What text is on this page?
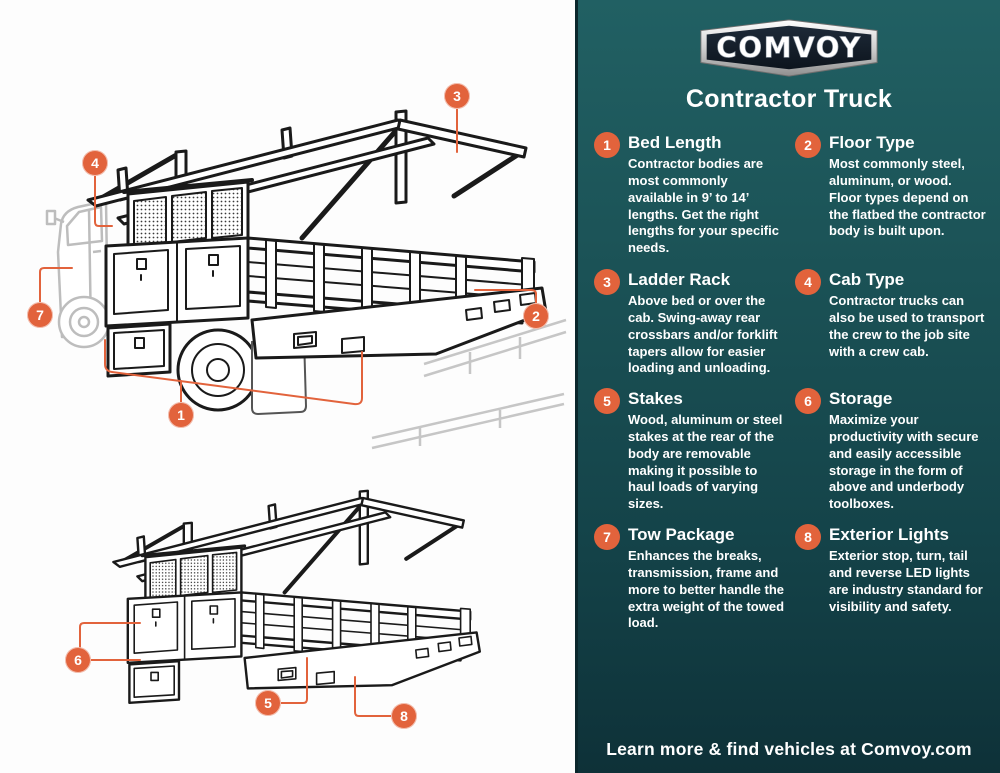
1
2
3
4
5
6
7
8
COMVOY
Contractor Truck
1 Bed Length

Contractor bodies are most commonly available in 9’ to 14’ lengths. Get the right lengths for your specific needs.

2 Floor Type

Most commonly steel, aluminum, or wood. Floor types depend on the flatbed the contractor body is built upon.

3 Ladder Rack

Above bed or over the cab. Swing-away rear crossbars and/or forklift tapers allow for easier loading and unloading.

4 Cab Type

Contractor trucks can also be used to transport the crew to the job site with a crew cab.

5 Stakes

Wood, aluminum or steel stakes at the rear of the body are removable making it possible to haul loads of varying sizes.

6 Storage

Maximize your productivity with secure and easily accessible storage in the form of above and underbody toolboxes.

7 Tow Package

Enhances the breaks, transmission, frame and more to better handle the extra weight of the towed load.

8 Exterior Lights

Exterior stop, turn, tail and reverse LED lights are industry standard for visibility and safety.

Learn more & find vehicles at Comvoy.com
